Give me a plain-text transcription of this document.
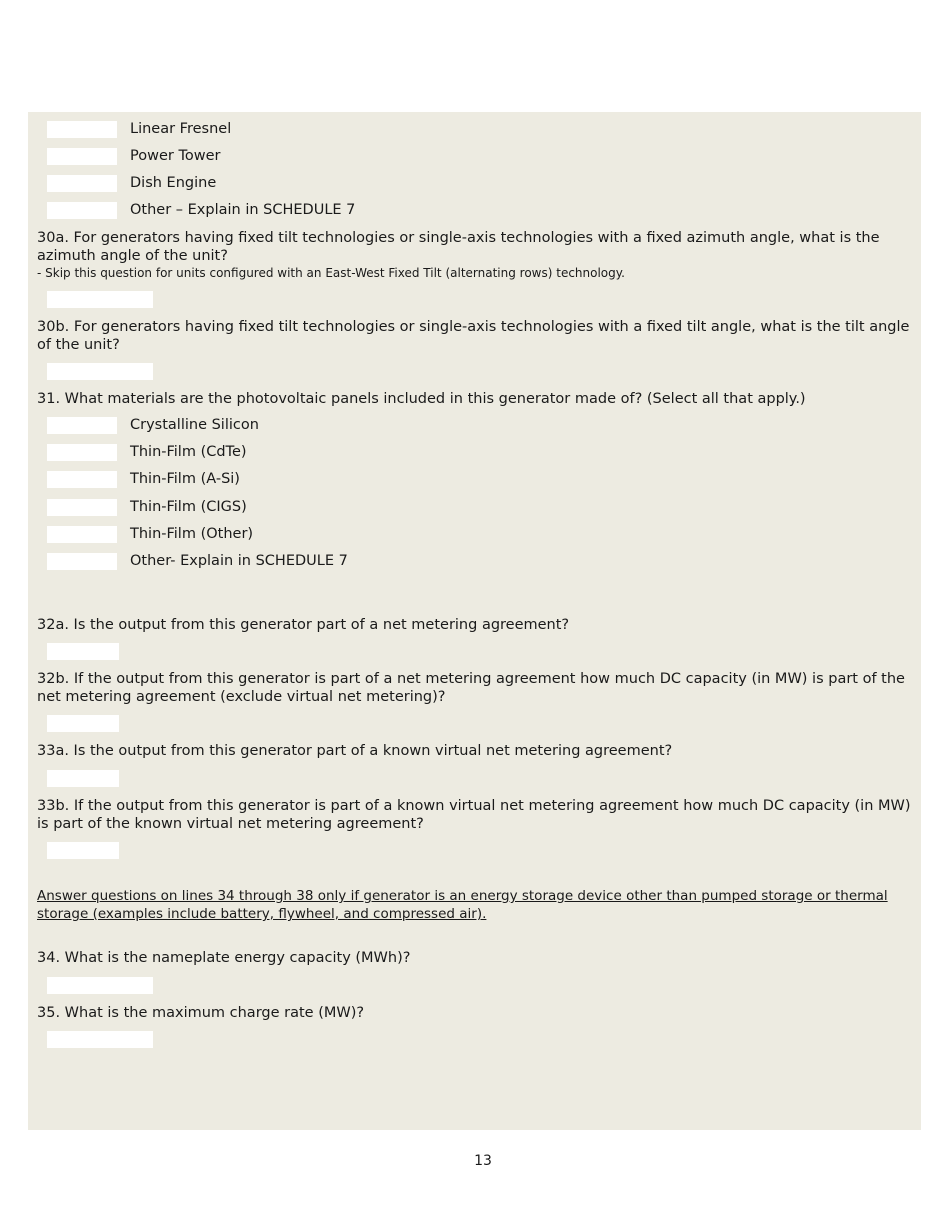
Linear Fresnel
Power Tower
Dish Engine
Other – Explain in SCHEDULE 7
30a. For generators having fixed tilt technologies or single-axis technologies with a fixed azimuth angle, what is the azimuth angle of the unit?
- Skip this question for units configured with an East-West Fixed Tilt (alternating rows) technology.
30b. For generators having fixed tilt technologies or single-axis technologies with a fixed tilt angle, what is the tilt angle of the unit?
31. What materials are the photovoltaic panels included in this generator made of? (Select all that apply.)
Crystalline Silicon
Thin-Film (CdTe)
Thin-Film (A-Si)
Thin-Film (CIGS)
Thin-Film (Other)
Other- Explain in SCHEDULE 7
32a. Is the output from this generator part of a net metering agreement?
32b. If the output from this generator is part of a net metering agreement how much DC capacity (in MW) is part of the net metering agreement (exclude virtual net metering)?
33a. Is the output from this generator part of a known virtual net metering agreement?
33b. If the output from this generator is part of a known virtual net metering agreement how much DC capacity (in MW) is part of the known virtual net metering agreement?
Answer questions on lines 34 through 38 only if generator is an energy storage device other than pumped storage or thermal storage (examples include battery, flywheel, and compressed air).
34. What is the nameplate energy capacity (MWh)?
35. What is the maximum charge rate (MW)?
13
